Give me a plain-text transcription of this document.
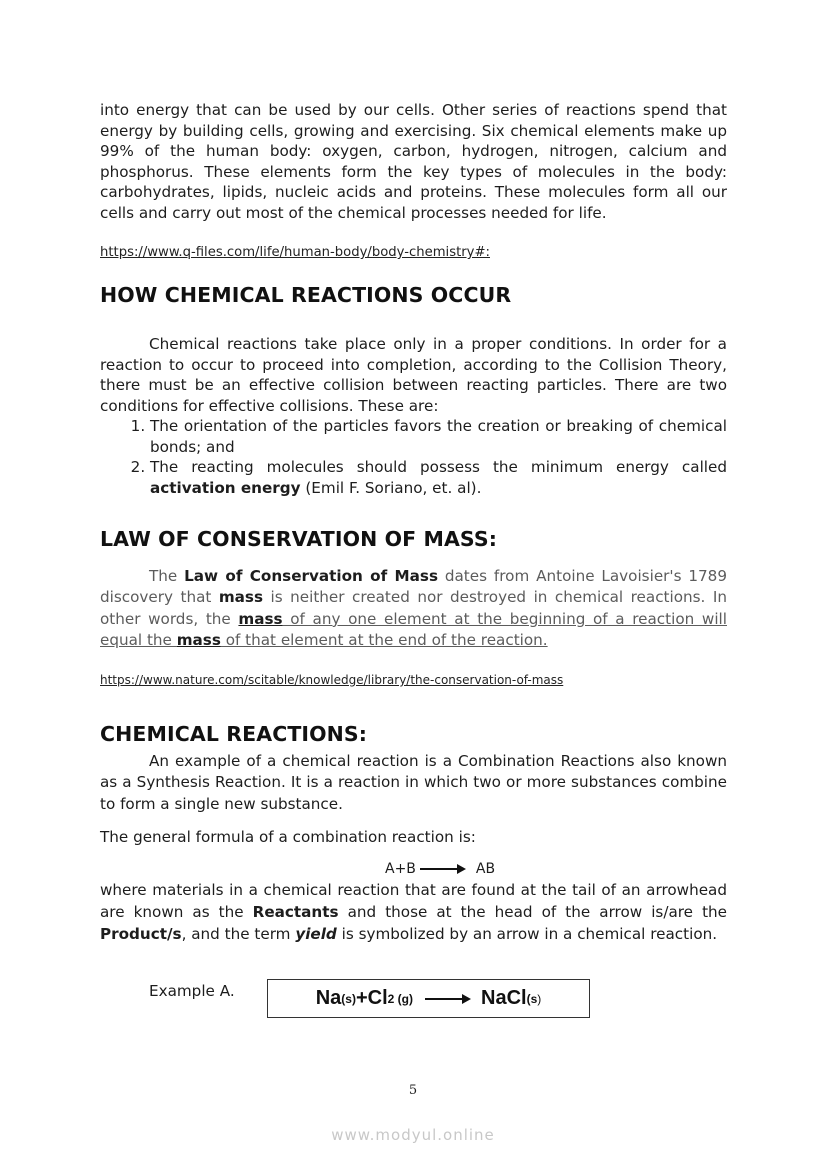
into energy that can be used by our cells. Other series of reactions spend that energy by building cells, growing and exercising. Six chemical elements make up 99% of the human body: oxygen, carbon, hydrogen, nitrogen, calcium and phosphorus. These elements form the key types of molecules in the body: carbohydrates, lipids, nucleic acids and proteins. These molecules form all our cells and carry out most of the chemical processes needed for life.

https://www.q-files.com/life/human-body/body-chemistry#:
HOW CHEMICAL REACTIONS OCCUR

Chemical reactions take place only in a proper conditions. In order for a reaction to occur to proceed into completion, according to the Collision Theory, there must be an effective collision between reacting particles. There are two conditions for effective collisions. These are:

1. The orientation of the particles favors the creation or breaking of chemical bonds; and
2. The reacting molecules should possess the minimum energy called activation energy (Emil F. Soriano, et. al).
LAW OF CONSERVATION OF MASS:

The Law of Conservation of Mass dates from Antoine Lavoisier's 1789 discovery that mass is neither created nor destroyed in chemical reactions. In other words, the mass of any one element at the beginning of a reaction will equal the mass of that element at the end of the reaction.

https://www.nature.com/scitable/knowledge/library/the-conservation-of-mass
CHEMICAL REACTIONS:

An example of a chemical reaction is a Combination Reactions also known as a Synthesis Reaction. It is a reaction in which two or more substances combine to form a single new substance.

The general formula of a combination reaction is:

A+B → AB

where materials in a chemical reaction that are found at the tail of an arrowhead are known as the Reactants and those at the head of the arrow is/are the Product/s, and the term yield is symbolized by an arrow in a chemical reaction.

Example A.	Na (s) +Cl 2 (g) → NaCl (s)
5
www.modyul.online
